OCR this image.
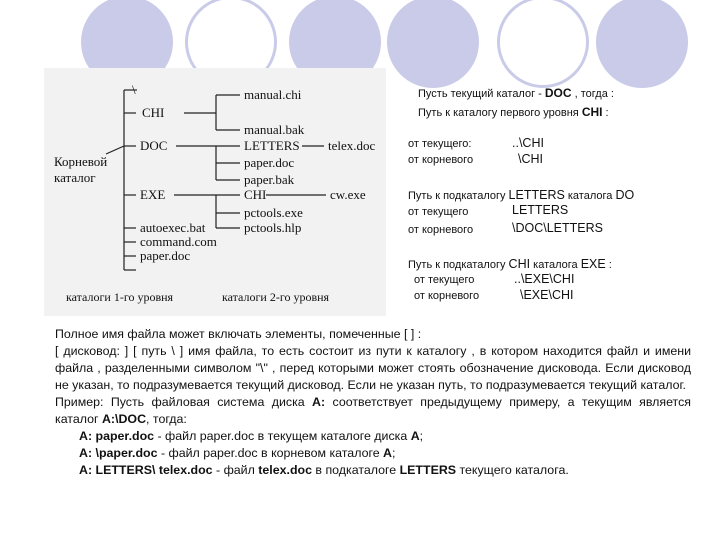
\
CHI
DOC
EXE
Корневой
каталог
manual.chi
manual.bak
LETTERS telex.doc
paper.doc
paper.bak
CHI	cw.exe
pctools.exe
pctools.hlp
autoexec.bat
command.com
paper.doc
каталоги 1-го уровня	каталоги 2-го уровня
Пусть текущий каталог - DOC , тогда :
Путь к каталогу первого уровня CHI :
от текущего:	..\CHI
от корневого	\CHI
Путь к подкаталогу LETTERS каталога DO
от текущего	LETTERS
от корневого	\DOC\LETTERS
Путь к подкаталогу CHI каталога EXE :
от текущего	..\EXE\CHI
от корневого	\EXE\CHI

Полное имя файла может включать элементы, помеченные [ ] :

[ дисковод: ] [ путь \ ] имя файла, то есть состоит из пути к каталогу , в котором находится файл и имени файла , разделенными символом "\" , перед которыми может стоять обозначение дисковода. Если дисковод не указан, то подразумевается текущий дисковод. Если не указан путь, то подразумевается текущий каталог.

Пример: Пусть файловая система диска A: соответствует предыдущему примеру, а текущим является каталог A:\DOC, тогда:

A: paper.doc - файл paper.doc в текущем каталоге диска A;

A: \paper.doc - файл paper.doc в корневом каталоге A;

A: LETTERS\ telex.doc - файл telex.doc в подкаталоге LETTERS текущего каталога.
